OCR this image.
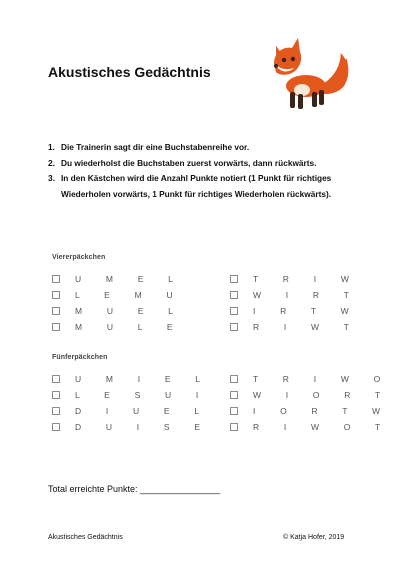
Akustisches Gedächtnis
1. Die Trainerin sagt dir eine Buchstabenreihe vor.
2. Du wiederholst die Buchstaben zuerst vorwärts, dann rückwärts.
3. In den Kästchen wird die Anzahl Punkte notiert (1 Punkt für richtiges Wiederholen vorwärts, 1 Punkt für richtiges Wiederholen rückwärts).
Viererpäckchen
U M E L
L E M U
M U E L
M U L E
T R I W
W I R T
I R T W
R I W T
Fünferpäckchen
U M I E L
L E S U I
D I U E L
D U I S E
T R I W O
W I O R T
I O R T W
R I W O T
Total erreichte Punkte: ________________
Akustisches Gedächtnis	© Katja Hofer, 2019
